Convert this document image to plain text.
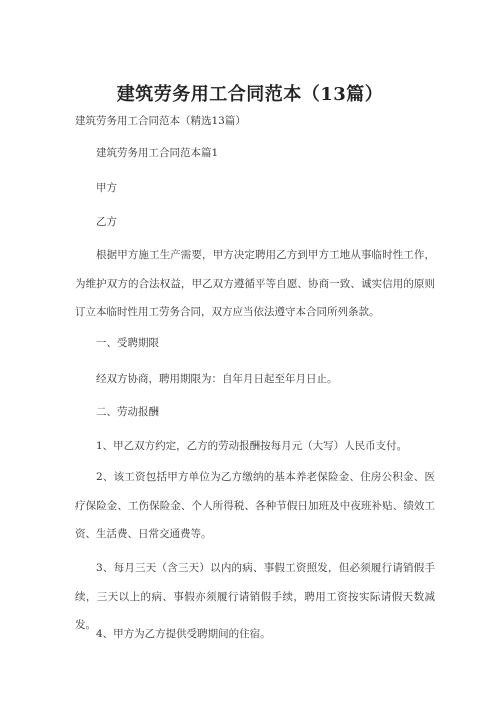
建筑劳务用工合同范本（13篇）
建筑劳务用工合同范本（精选13篇）
建筑劳务用工合同范本篇1
甲方
乙方
根据甲方施工生产需要，甲方决定聘用乙方到甲方工地从事临时性工作，为维护双方的合法权益，甲乙双方遵循平等自愿、协商一致、诚实信用的原则订立本临时性用工劳务合同，双方应当依法遵守本合同所列条款。
一、受聘期限
经双方协商，聘用期限为：自年月日起至年月日止。
二、劳动报酬
1、甲乙双方约定，乙方的劳动报酬按每月元（大写）人民币支付。
2、该工资包括甲方单位为乙方缴纳的基本养老保险金、住房公积金、医疗保险金、工伤保险金、个人所得税、各种节假日加班及中夜班补贴、绩效工资、生活费、日常交通费等。
3、每月三天（含三天）以内的病、事假工资照发，但必须履行请销假手续，三天以上的病、事假亦须履行请销假手续，聘用工资按实际请假天数减发。
4、甲方为乙方提供受聘期间的住宿。
